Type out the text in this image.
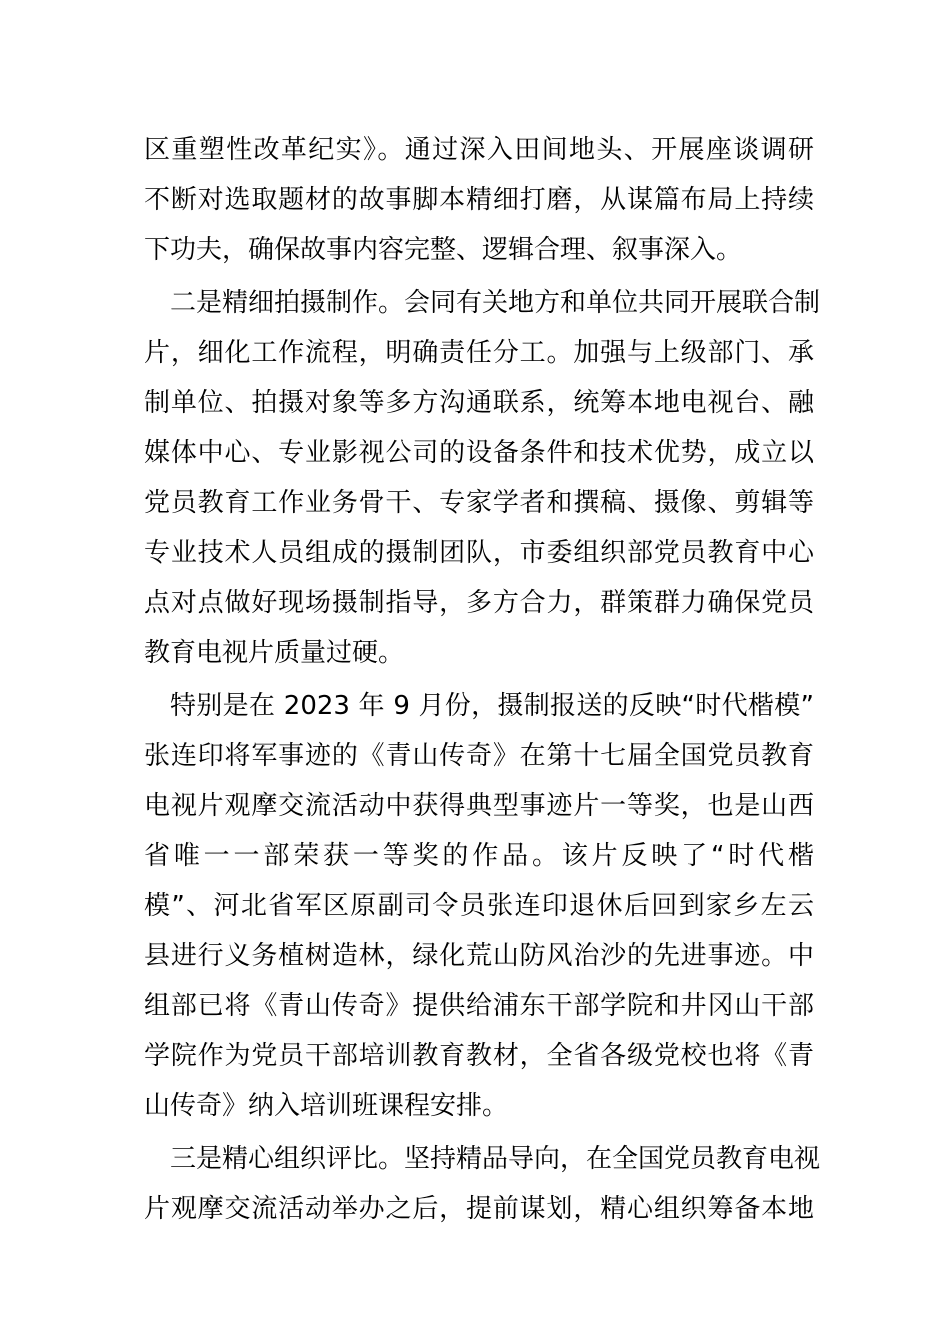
区重塑性改革纪实》。通过深入田间地头、开展座谈调研
不断对选取题材的故事脚本精细打磨，从谋篇布局上持续
下功夫，确保故事内容完整、逻辑合理、叙事深入。
二是精细拍摄制作。会同有关地方和单位共同开展联合制
片，细化工作流程，明确责任分工。加强与上级部门、承
制单位、拍摄对象等多方沟通联系，统筹本地电视台、融
媒体中心、专业影视公司的设备条件和技术优势，成立以
党员教育工作业务骨干、专家学者和撰稿、摄像、剪辑等
专业技术人员组成的摄制团队，市委组织部党员教育中心
点对点做好现场摄制指导，多方合力，群策群力确保党员
教育电视片质量过硬。
特别是在 2023 年 9 月份，摄制报送的反映“时代楷模”
张连印将军事迹的《青山传奇》在第十七届全国党员教育
电视片观摩交流活动中获得典型事迹片一等奖，也是山西
省唯一一部荣获一等奖的作品。该片反映了“时代楷
模”、河北省军区原副司令员张连印退休后回到家乡左云
县进行义务植树造林，绿化荒山防风治沙的先进事迹。中
组部已将《青山传奇》提供给浦东干部学院和井冈山干部
学院作为党员干部培训教育教材，全省各级党校也将《青
山传奇》纳入培训班课程安排。
三是精心组织评比。坚持精品导向，在全国党员教育电视
片观摩交流活动举办之后，提前谋划，精心组织筹备本地
